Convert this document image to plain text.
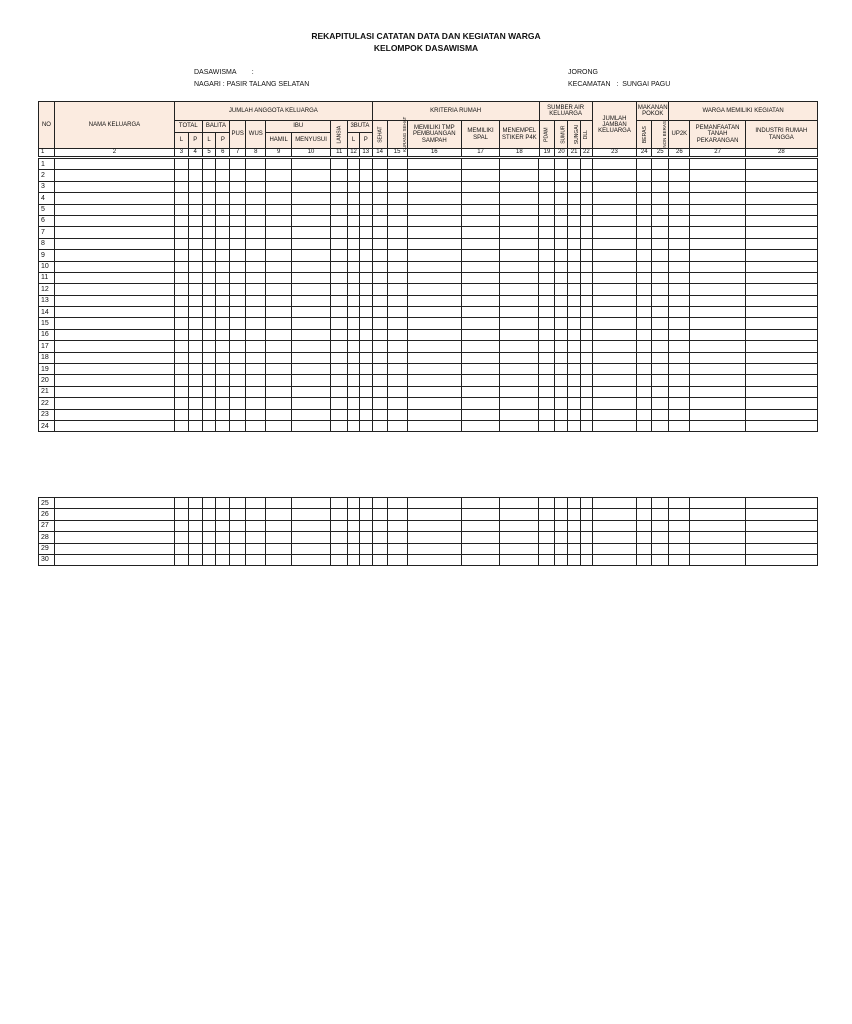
REKAPITULASI CATATAN DATA DAN KEGIATAN WARGA
KELOMPOK DASAWISMA
DASAWISMA        :
NAGARI : PASIR TALANG SELATAN
JORONG
KECAMATAN   :  SUNGAI PAGU
NO	NAMA KELUARGA	JUMLAH ANGGOTA KELUARGA											KRITERIA RUMAH					SUMBER AIR KELUARGA				JUMLAH JAMBAN KELUARGA	MAKANAN POKOK		WARGA MEMILIKI KEGIATAN		
		TOTAL		BALITA		PUS	WUS	IBU		LANSIA	3BUTA		SEHAT	KURANG SEHAT	MEMILIKI TMP PEMBUANGAN SAMPAH	MEMILIKI SPAL	MENEMPEL STIKER P4K	PDAM	SUMUR	SUNGAI	DLL		BERAS	NON BERAS	UP2K	PEMANFAATAN TANAH PEKARANGAN	INDUSTRI RUMAH TANGGA
		L	P	L	P			HAMIL	MENYUSUI		L	P															
1	2	3	4	5	6	7	8	9	10	11	12	13	14	15	16	17	18	19	20	21	22	23	24	25	26	27	28
1																											
2																											
3																											
4																											
5																											
6																											
7																											
8																											
9																											
10																											
11																											
12																											
13																											
14																											
15																											
16																											
17																											
18																											
19																											
20																											
21																											
22																											
23																											
24																											
25																											
26																											
27																											
28																											
29																											
30																											
